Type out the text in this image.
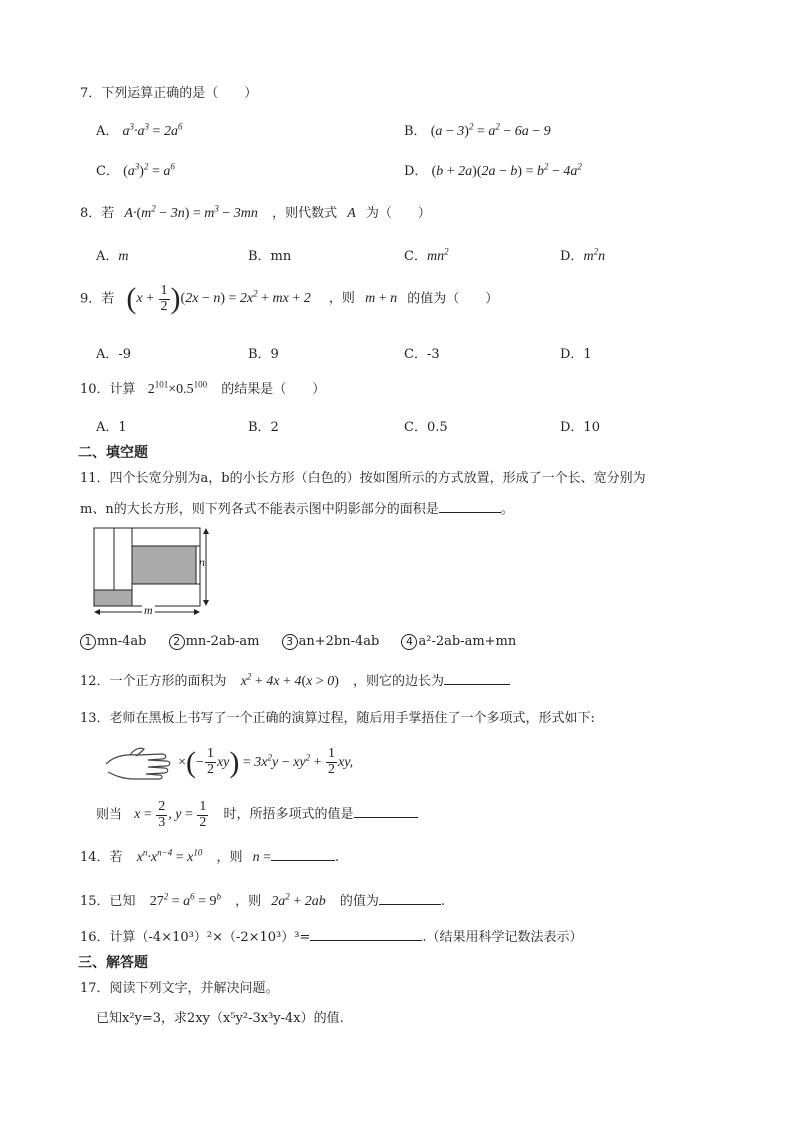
7．下列运算正确的是（　　）
A． $a^3\cdot a^3 = 2a^6$	B． $(a - 3)^2 = a^2 - 6a - 9$
C． $(a^3)^2 = a^6$	D． $(b + 2a)(2a - b) = b^2 - 4a^2$
8．若 $A\cdot(m^2 - 3n) = m^3 - 3mn$ ，则代数式 A 为（　　）
A．m	B．mn	C．$mn^2$	D．$m^2n$
9．若 $(x + \frac{1}{2} )(2x - n) = 2x^2$ + mx + 2 ，则 m + n 的值为（　　）
A．-9	B．9	C．-3	D．1
10．计算 $2^{101}\times 0.5^{100}$ 的结果是（　　）
A．1	B．2	C．0.5	D．10
二、填空题
11．四个长宽分别为a，b的小长方形（白色的）按如图所示的方式放置，形成了一个长、宽分别为
m、n的大长方形，则下列各式不能表示图中阴影部分的面积是	。
n
m
1 mn-4ab 2 mn-2ab-am 3 an+2bn-4ab 4 a²-2ab-am+mn
12．一个正方形的面积为 $x^2 + 4x + 4(x > 0)$ ，则它的边长为
13．老师在黑板上书写了一个正确的演算过程，随后用手掌捂住了一个多项式，形式如下:
×(− $\frac{1}{2} xy) = 3x^2y - xy^2 + \frac{1}{2}$ xy,
则当 $x = \frac{2}{3}$ , $y = \frac{1}{2}$ 时，所捂多项式的值是
14．若 $x^n\cdot x^{n-4} = x^{10}$ ，则 n =	.
15．已知 $27^2 = a^6 = 9^b$ ，则 $2a^2 + 2ab$ 的值为	.
16．计算（-4×10³）²×（-2×10³）³=	.（结果用科学记数法表示）
三、解答题
17．阅读下列文字，并解决问题。
已知x²y=3，求2xy（x⁵y²-3x³y-4x）的值.
